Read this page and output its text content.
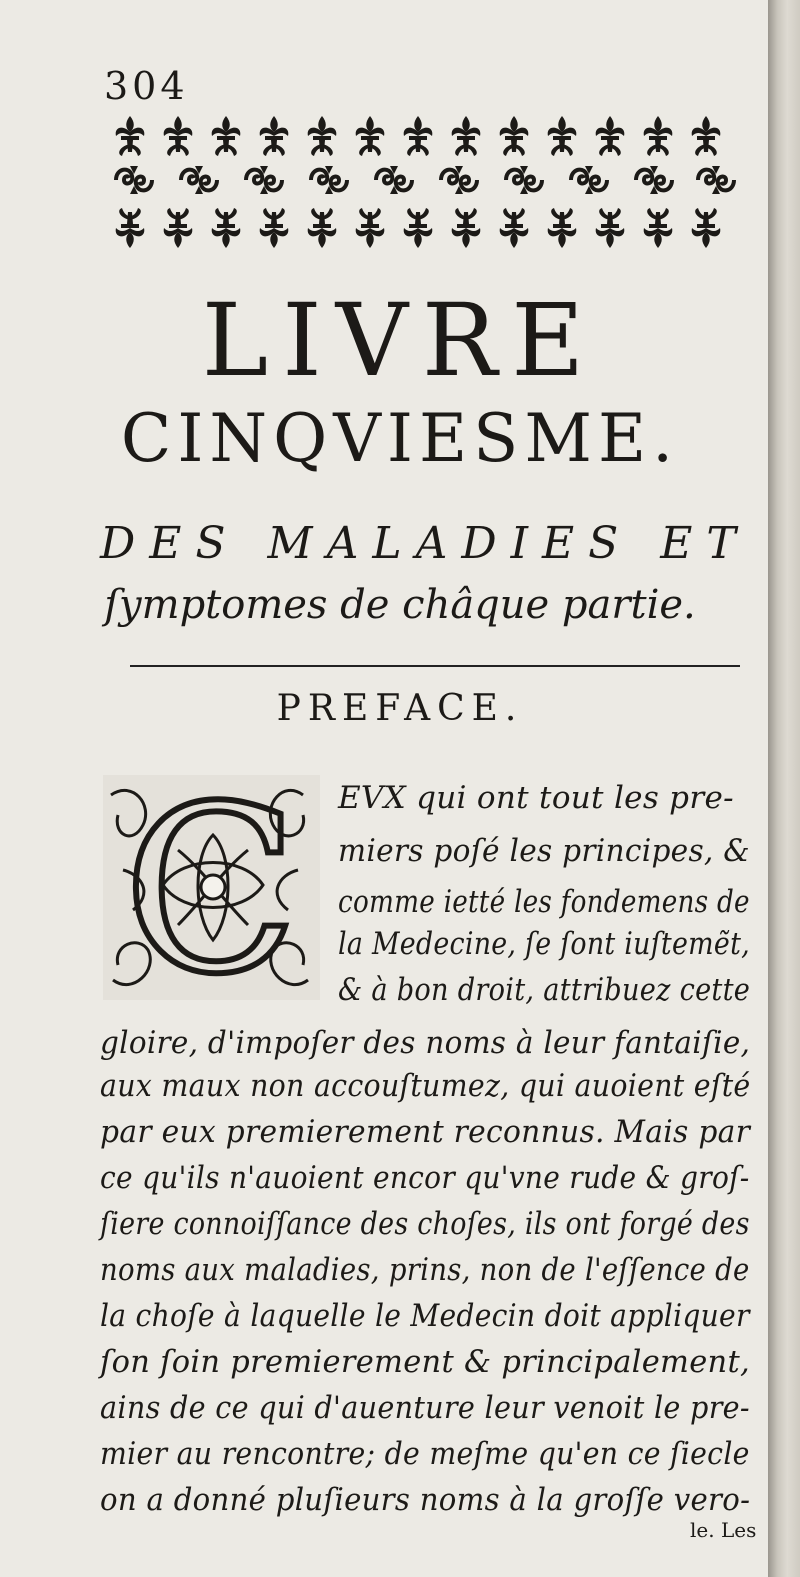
304
LIVRE
CINQVIESME.
DES MALADIES ET
ſymptomes de châque partie.
PREFACE.
C EVX qui ont tout les pre-
miers poſé les principes, &
comme ietté les fondemens de
la Medecine, ſe ſont iuſtemẽt,
& à bon droit, attribuez cette
gloire, d'impoſer des noms à leur fantaiſie,
aux maux non accouſtumez, qui auoient eſté
par eux premierement reconnus. Mais par
ce qu'ils n'auoient encor qu'vne rude & groſ-
ſiere connoiſſance des choſes, ils ont forgé des
noms aux maladies, prins, non de l'eſſence de
la choſe à laquelle le Medecin doit appliquer
ſon ſoin premierement & principalement,
ains de ce qui d'auenture leur venoit le pre-
mier au rencontre; de meſme qu'en ce ſiecle
on a donné pluſieurs noms à la groſſe vero-
le. Les
